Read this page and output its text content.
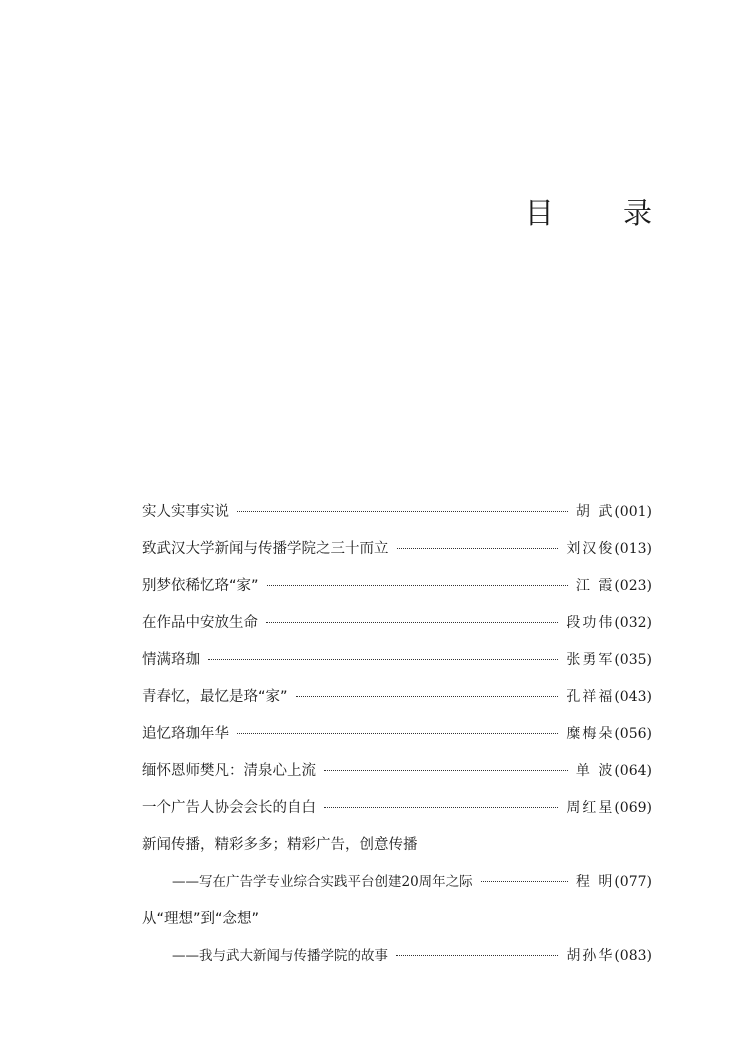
目 录
实人实事实说	胡 武(001)
致武汉大学新闻与传播学院之三十而立	刘汉俊(013)
别梦依稀忆珞“家”	江 霞(023)
在作品中安放生命	段功伟(032)
情满珞珈	张勇军(035)
青春忆，最忆是珞“家”	孔祥福(043)
追忆珞珈年华	糜梅朵(056)
缅怀恩师樊凡：清泉心上流	单 波(064)
一个广告人协会会长的自白	周红星(069)
新闻传播，精彩多多；精彩广告，创意传播
——写在广告学专业综合实践平台创建20周年之际	程 明(077)
从“理想”到“念想”
——我与武大新闻与传播学院的故事	胡孙华(083)
